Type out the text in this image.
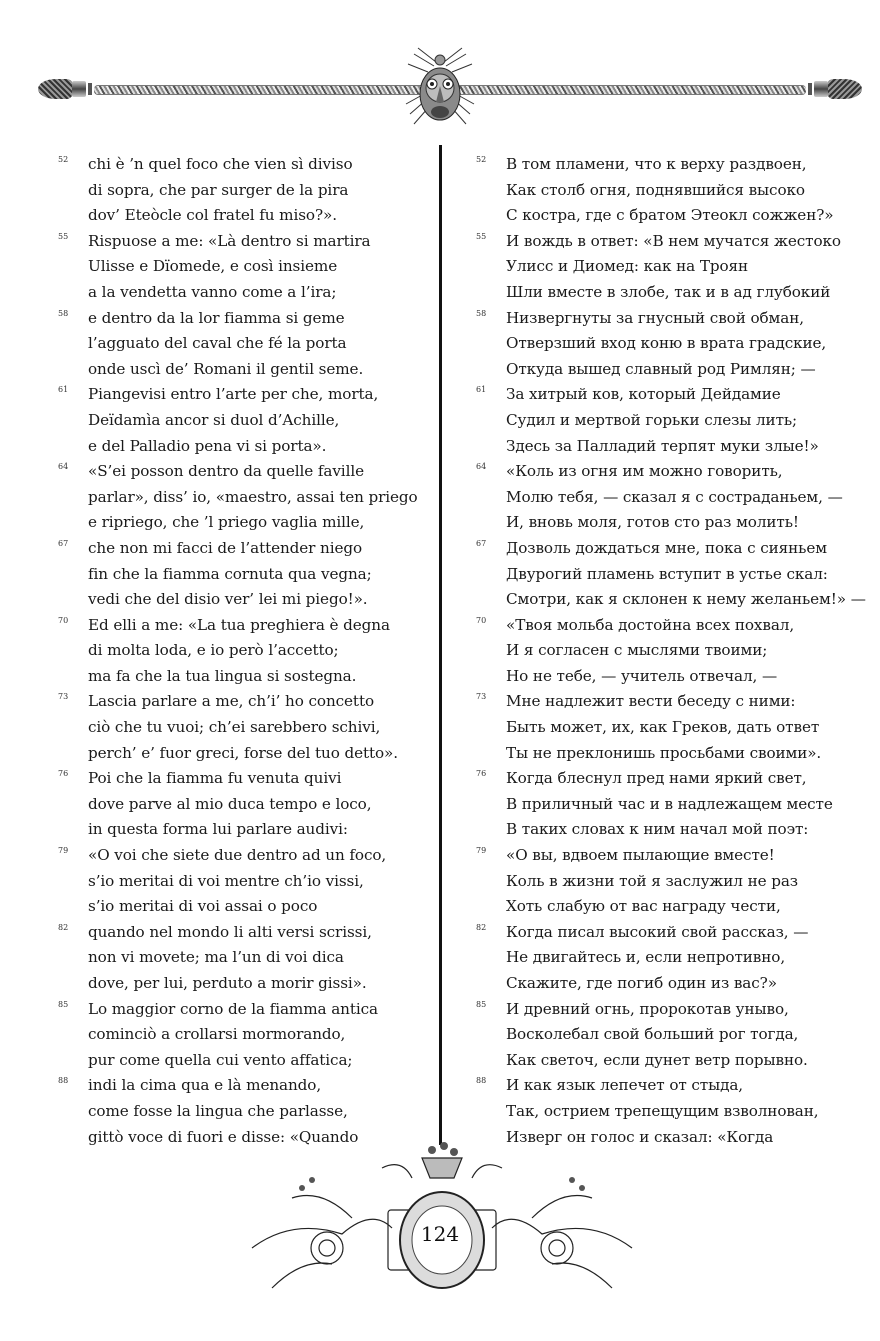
52	chi è ’n quel foco che vien sì diviso
di sopra, che par surger de la pira
dov’ Eteòcle col fratel fu miso?».
55	Rispuose a me: «Là dentro si martira
Ulisse e Dïomede, e così insieme
a la vendetta vanno come a l’ira;
58	e dentro da la lor fiamma si geme
l’agguato del caval che fé la porta
onde uscì de’ Romani il gentil seme.
61	Piangevisi entro l’arte per che, morta,
Deïdamìa ancor si duol d’Achille,
e del Palladio pena vi si porta».
64	«S’ei posson dentro da quelle faville
parlar», diss’ io, «maestro, assai ten priego
e ripriego, che ’l priego vaglia mille,
67	che non mi facci de l’attender niego
fin che la fiamma cornuta qua vegna;
vedi che del disio ver’ lei mi piego!».
70	Ed elli a me: «La tua preghiera è degna
di molta loda, e io però l’accetto;
ma fa che la tua lingua si sostegna.
73	Lascia parlare a me, ch’i’ ho concetto
ciò che tu vuoi; ch’ei sarebbero schivi,
perch’ e’ fuor greci, forse del tuo detto».
76	Poi che la fiamma fu venuta quivi
dove parve al mio duca tempo e loco,
in questa forma lui parlare audivi:
79	«O voi che siete due dentro ad un foco,
s’io meritai di voi mentre ch’io vissi,
s’io meritai di voi assai o poco
82	quando nel mondo li alti versi scrissi,
non vi movete; ma l’un di voi dica
dove, per lui, perduto a morir gissi».
85	Lo maggior corno de la fiamma antica
cominciò a crollarsi mormorando,
pur come quella cui vento affatica;
88	indi la cima qua e là menando,
come fosse la lingua che parlasse,
gittò voce di fuori e disse: «Quando
52	В том пламени, что к верху раздвоен,
Как столб огня, поднявшийся высоко
С костра, где с братом Этеокл сожжен?»
55	И вождь в ответ: «В нем мучатся жестоко
Улисс и Диомед: как на Троян
Шли вместе в злобе, так и в ад глубокий
58	Низвергнуты за гнусный свой обман,
Отверзший вход коню в врата градские,
Откуда вышед славный род Римлян; —
61	За хитрый ков, который Дейдамие
Судил и мертвой горьки слезы лить;
Здесь за Палладий терпят муки злые!»
64	«Коль из огня им можно говорить,
Молю тебя, — сказал я с состраданьем, —
И, вновь моля, готов сто раз молить!
67	Дозволь дождаться мне, пока с сияньем
Двурогий пламень вступит в устье скал:
Смотри, как я склонен к нему желаньем!» —
70	«Твоя мольба достойна всех похвал,
И я согласен с мыслями твоими;
Но не тебе, — учитель отвечал, —
73	Мне надлежит вести беседу с ними:
Быть может, их, как Греков, дать ответ
Ты не преклонишь просьбами своими».
76	Когда блеснул пред нами яркий свет,
В приличный час и в надлежащем месте
В таких словах к ним начал мой поэт:
79	«О вы, вдвоем пылающие вместе!
Коль в жизни той я заслужил не раз
Хоть слабую от вас награду чести,
82	Когда писал высокий свой рассказ, —
Не двигайтесь и, если непротивно,
Скажите, где погиб один из вас?»
85	И древний огнь, пророкотав уныво,
Восколебал свой больший рог тогда,
Как светоч, если дунет ветр порывно.
88	И как язык лепечет от стыда,
Так, острием трепещущим взволнован,
Изверг он голос и сказал: «Когда
124
